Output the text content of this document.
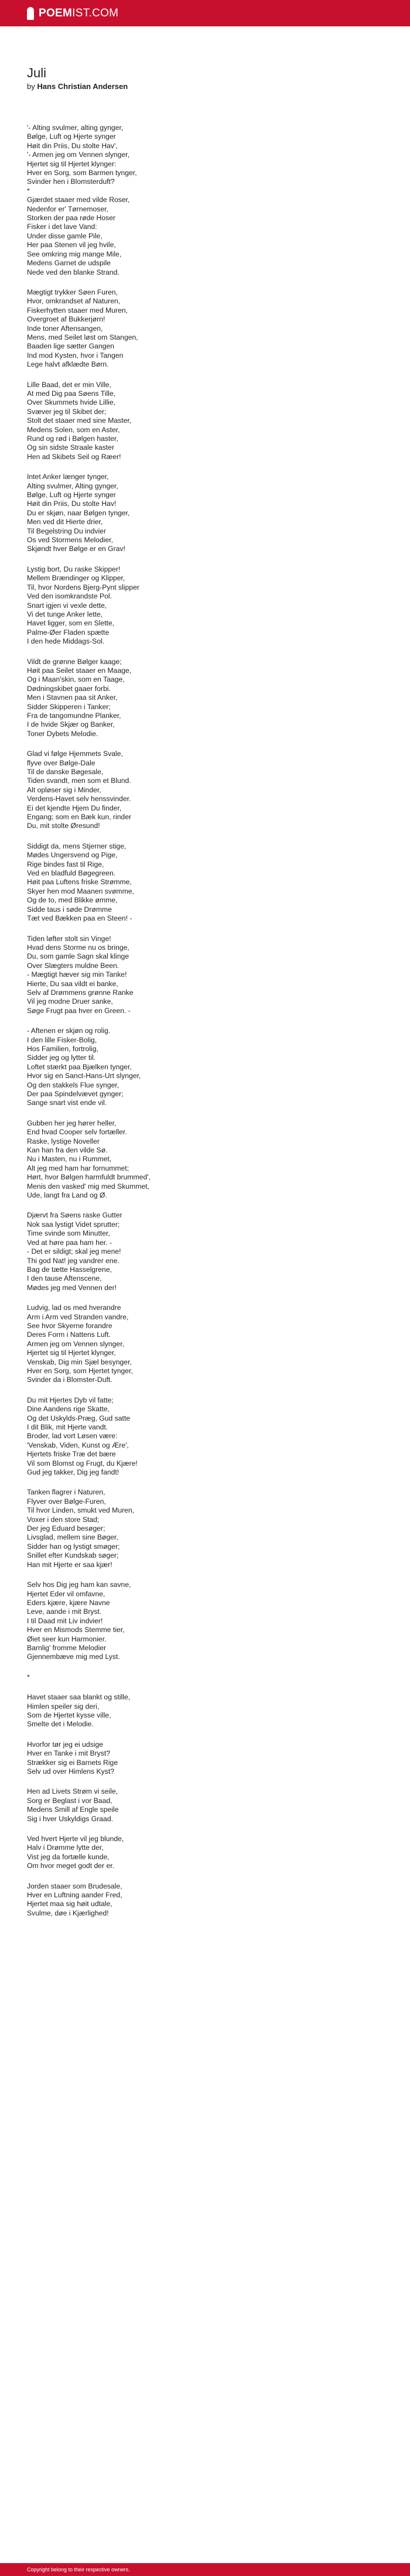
POEMIST.COM
Juli
by Hans Christian Andersen
'- Alting svulmer, alting gynger,
Bølge, Luft og Hjerte synger
Høit din Priis, Du stolte Hav',
'- Armen jeg om Vennen slynger,
Hjertet sig til Hjertet klynger:
Hver en Sorg, som Barmen tynger,
Svinder hen i Blomsterduft?
*
Gjærdet staaer med vilde Roser,
Nedenfor er' Tørnemoser,
Storken der paa røde Hoser
Fisker i det lave Vand:
Under disse gamle Pile,
Her paa Stenen vil jeg hvile,
See omkring mig mange Mile,
Medens Garnet de udspile
Nede ved den blanke Strand.
Mægtigt trykker Søen Furen,
Hvor, omkrandset af Naturen,
Fiskerhytten staaer med Muren,
Overgroet af Bukkerjørn!
Inde toner Aftensangen,
Mens, med Seilet løst om Stangen,
Baaden lige sætter Gangen
Ind mod Kysten, hvor i Tangen
Lege halvt afklædte Børn.
Lille Baad, det er min Ville,
At med Dig paa Søens Tille,
Over Skummets hvide Lillie,
Svæver jeg til Skibet der;
Stolt det staaer med sine Master,
Medens Solen, som en Aster,
Rund og rød i Bølgen haster,
Og sin sidste Straale kaster
Hen ad Skibets Seil og Ræer!
Intet Anker længer tynger,
Alting svulmer, Alting gynger,
Bølge, Luft og Hjerte synger
Høit din Priis, Du stolte Hav!
Du er skjøn, naar Bølgen tynger,
Men ved dit Hierte drier,
Til Begelstring Du indvier
Os ved Stormens Melodier,
Skjøndt hver Bølge er en Grav!
Lystig bort, Du raske Skipper!
Mellem Brændinger og Klipper,
Til, hvor Nordens Bjerg-Pynt slipper
Ved den isomkrandste Pol.
Snart igjen vi vexle dette,
Vi det tunge Anker lette,
Havet ligger, som en Slette,
Palme-Øer Fladen spætte
I den hede Middags-Sol.
Vildt de grønne Bølger kaage;
Høit paa Seilet staaer en Maage,
Og i Maan'skin, som en Taage,
Dødningskibet gaaer forbi.
Men i Stavnen paa sit Anker,
Sidder Skipperen i Tanker;
Fra de tangomundne Planker,
I de hvide Skjær og Banker,
Toner Dybets Melodie.
Glad vi følge Hjemmets Svale,
flyve over Bølge-Dale
Til de danske Bøgesale,
Tiden svandt, men som et Blund.
Alt opløser sig i Minder,
Verdens-Havet selv henssvinder.
Ei det kjendte Hjem Du finder,
Engang; som en Bæk kun, rinder
Du, mit stolte Øresund!
Siddigt da, mens Stjerner stige,
Mødes Ungersvend og Pige,
Rige bindes fast til Rige,
Ved en bladfuld Bøgegreen.
Høit paa Luftens friske Strømme,
Skyer hen mod Maanen svømme,
Og de to, med Blikke ømme,
Sidde taus i søde Drømme
Tæt ved Bækken paa en Steen! -
Tiden løfter stolt sin Vinge!
Hvad dens Storme nu os bringe,
Du, som gamle Sagn skal klinge
Over Slægters muldne Been.
- Mægtigt hæver sig min Tanke!
Hierte, Du saa vildt ei banke,
Selv af Drømmens grønne Ranke
Vil jeg modne Druer sanke,
Søge Frugt paa hver en Green. -
- Aftenen er skjøn og rolig.
I den lille Fisker-Bolig,
Hos Familien, fortrolig,
Sidder jeg og lytter til.
Loftet stærkt paa Bjælken tynger,
Hvor sig en Sanct-Hans-Urt slynger,
Og den stakkels Flue synger,
Der paa Spindelvævet gynger;
Sange snart vist ende vil.
Gubben her jeg hører heller,
End hvad Cooper selv fortæller.
Raske, lystige Noveller
Kan han fra den vilde Sø.
Nu i Masten, nu i Rummet,
Alt jeg med ham har fornummet;
Hørt, hvor Bølgen harmfuldt brummed',
Menis den vasked' mig med Skummet,
Ude, langt fra Land og Ø.
Djærvt fra Søens raske Gutter
Nok saa lystigt Videt sprutter;
Time svinde som Minutter,
Ved at høre paa ham her. -
- Det er sildigt; skal jeg mene!
Thi god Nat! jeg vandrer ene.
Bag de tætte Hasselgrene,
I den tause Aftenscene,
Mødes jeg med Vennen der!
Ludvig, lad os med hverandre
Arm i Arm ved Stranden vandre,
See hvor Skyerne forandre
Deres Form i Nattens Luft.
Armen jeg om Vennen slynger,
Hjertet sig til Hjertet klynger,
Venskab, Dig min Sjæl besynger,
Hver en Sorg, som Hjertet tynger,
Svinder da i Blomster-Duft.
Du mit Hjertes Dyb vil fatte;
Dine Aandens rige Skatte,
Og det Uskylds-Præg, Gud satte
I dit Blik, mit Hjerte vandt.
Broder, lad vort Løsen være:
'Venskab, Viden, Kunst og Ære',
Hjertets friske Træ det bære
Vil som Blomst og Frugt, du Kjære!
Gud jeg takker, Dig jeg fandt!
Tanken flagrer i Naturen,
Flyver over Bølge-Furen,
Til hvor Linden, smukt ved Muren,
Voxer i den store Stad;
Der jeg Eduard besøger;
Livsglad, mellem sine Bøger,
Sidder han og lystigt smøger;
Snillet efter Kundskab søger;
Han mit Hjerte er saa kjær!
Selv hos Dig jeg ham kan savne,
Hjertet Eder vil omfavne,
Eders kjære, kjære Navne
Leve, aande i mit Bryst.
I til Daad mit Liv indvier!
Hver en Mismods Stemme tier,
Øiet seer kun Harmonier.
Barnlig' fromme Melodier
Gjennembæve mig med Lyst.
*
Havet staaer saa blankt og stille,
Himlen speiler sig deri,
Som de Hjertet kysse ville,
Smelte det i Melodie.
Hvorfor tør jeg ei udsige
Hver en Tanke i mit Bryst?
Strækker sig ei Barnets Rige
Selv ud over Himlens Kyst?
Hen ad Livets Strøm vi seile,
Sorg er Beglast i vor Baad,
Medens Smill af Engle speile
Sig i hver Uskyldigs Graad.
Ved hvert Hjerte vil jeg blunde,
Halv i Drømme lytte der,
Vist jeg da fortælle kunde,
Om hvor meget godt der er.
Jorden staaer som Brudesale,
Hver en Luftning aander Fred,
Hjertet maa sig høit udtale,
Svulme, døe i Kjærlighed!
Copyright belong to their respective owners.
